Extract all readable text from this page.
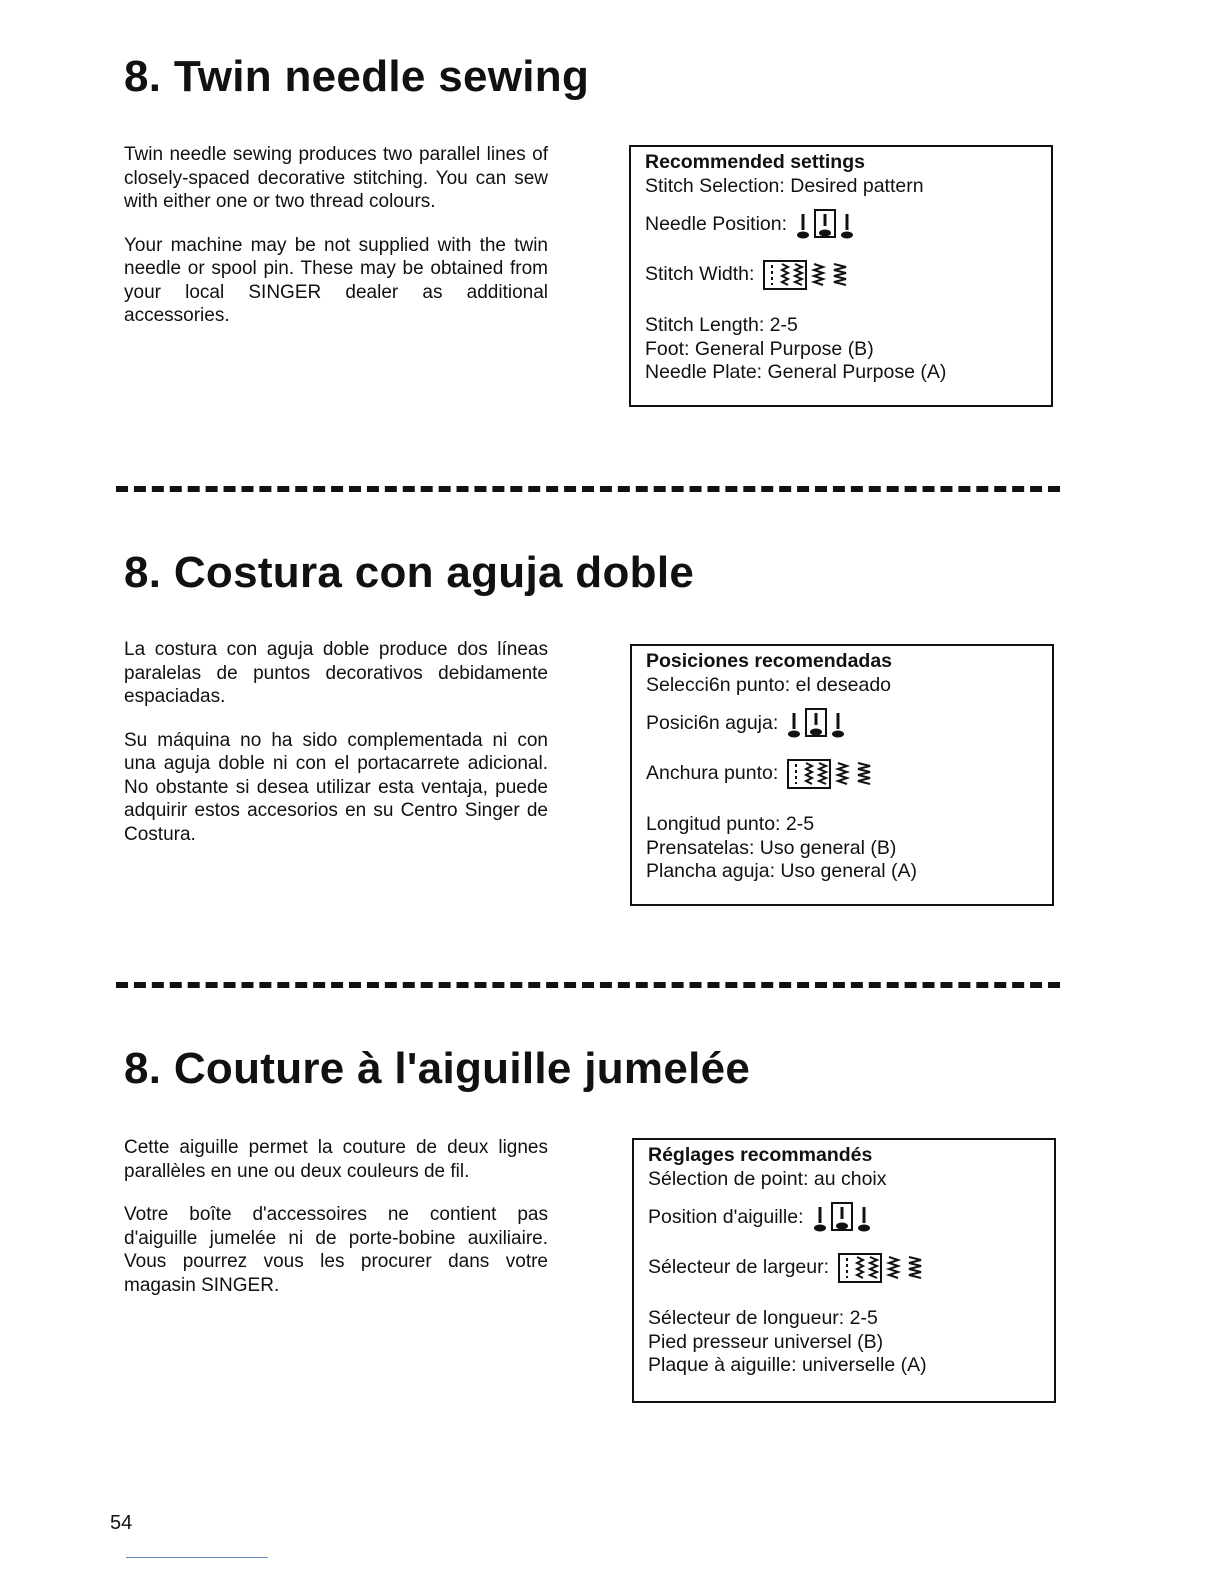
8. Twin needle sewing

Twin needle sewing produces two parallel lines of closely-spaced decorative stitching. You can sew with either one or two thread colours.

Your machine may be not supplied with the twin needle or spool pin. These may be obtained from your local SINGER dealer as additional accessories.

Recommended settings
Stitch Selection: Desired pattern
Needle Position:
Stitch Width:
Stitch Length: 2-5
Foot: General Purpose (B)
Needle Plate: General Purpose (A)
8. Costura con aguja doble

La costura con aguja doble produce dos líneas paralelas de puntos decorativos debidamente espaciadas.

Su máquina no ha sido complementada ni con una aguja doble ni con el portacarrete adicional. No obstante si desea utilizar esta ventaja, puede adquirir estos accesorios en su Centro Singer de Costura.

Posiciones recomendadas
Selecci6n punto: el deseado
Posici6n aguja:
Anchura punto:
Longitud punto: 2-5
Prensatelas: Uso general (B)
Plancha aguja: Uso general (A)
8. Couture à l'aiguille jumelée

Cette aiguille permet la couture de deux lignes parallèles en une ou deux couleurs de fil.

Votre boîte d'accessoires ne contient pas d'aiguille jumelée ni de porte-bobine auxiliaire. Vous pourrez vous les procurer dans votre magasin SINGER.

Réglages recommandés
Sélection de point: au choix
Position d'aiguille:
Sélecteur de largeur:
Sélecteur de longueur: 2-5
Pied presseur universel (B)
Plaque à aiguille: universelle (A)
54
